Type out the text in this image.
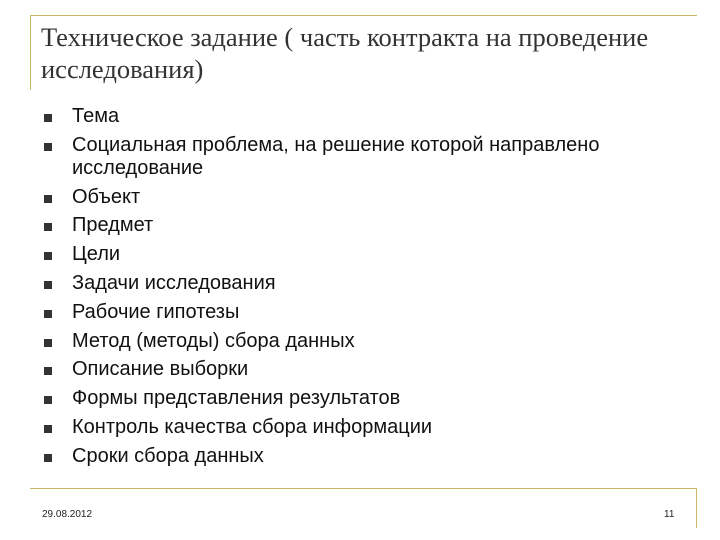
Техническое задание ( часть контракта на проведение исследования)
Тема
Социальная проблема, на решение которой направлено исследование
Объект
Предмет
Цели
Задачи исследования
Рабочие гипотезы
Метод (методы) сбора данных
Описание выборки
Формы представления результатов
Контроль качества сбора информации
Сроки сбора данных
29.08.2012	11
